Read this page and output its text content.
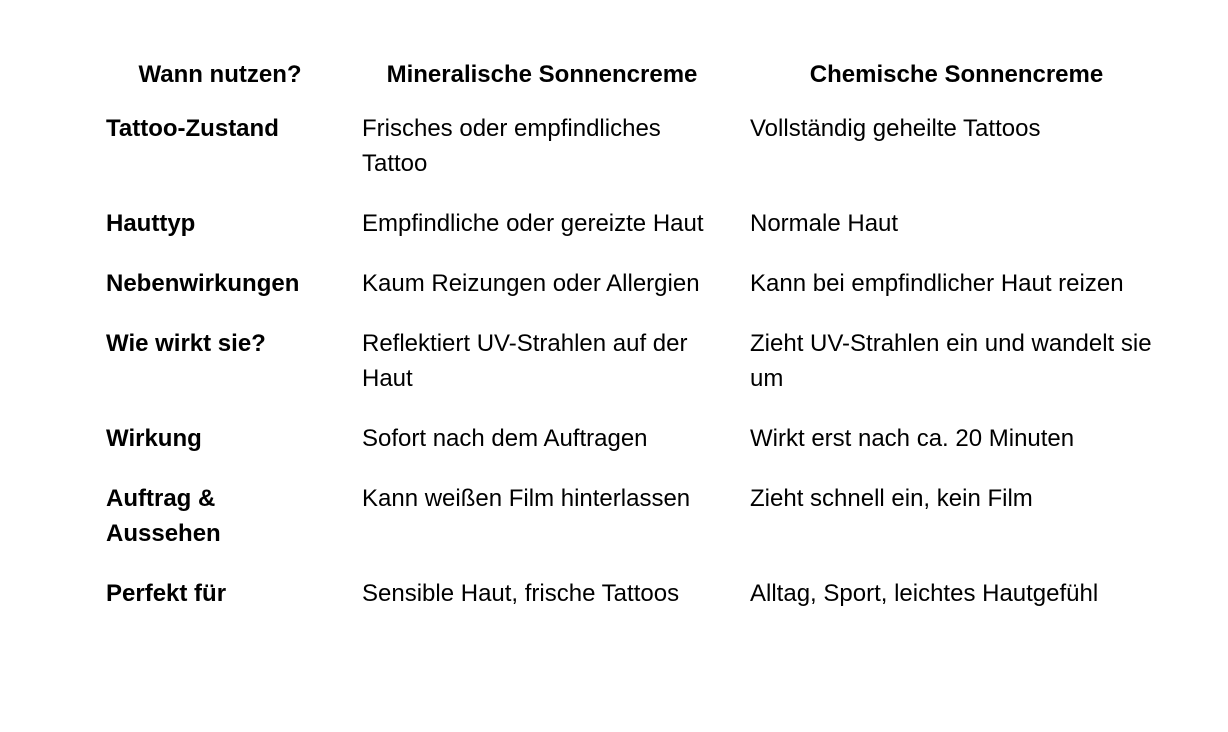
Wann nutzen?	Mineralische Sonnencreme	Chemische Sonnencreme
Tattoo-Zustand	Frisches oder empfindliches Tattoo	Vollständig geheilte Tattoos
Hauttyp	Empfindliche oder gereizte Haut	Normale Haut
Nebenwirkungen	Kaum Reizungen oder Allergien	Kann bei empfindlicher Haut reizen
Wie wirkt sie?	Reflektiert UV-Strahlen auf der Haut	Zieht UV-Strahlen ein und wandelt sie um
Wirkung	Sofort nach dem Auftragen	Wirkt erst nach ca. 20 Minuten
Auftrag & Aussehen	Kann weißen Film hinterlassen	Zieht schnell ein, kein Film
Perfekt für	Sensible Haut, frische Tattoos	Alltag, Sport, leichtes Hautgefühl
